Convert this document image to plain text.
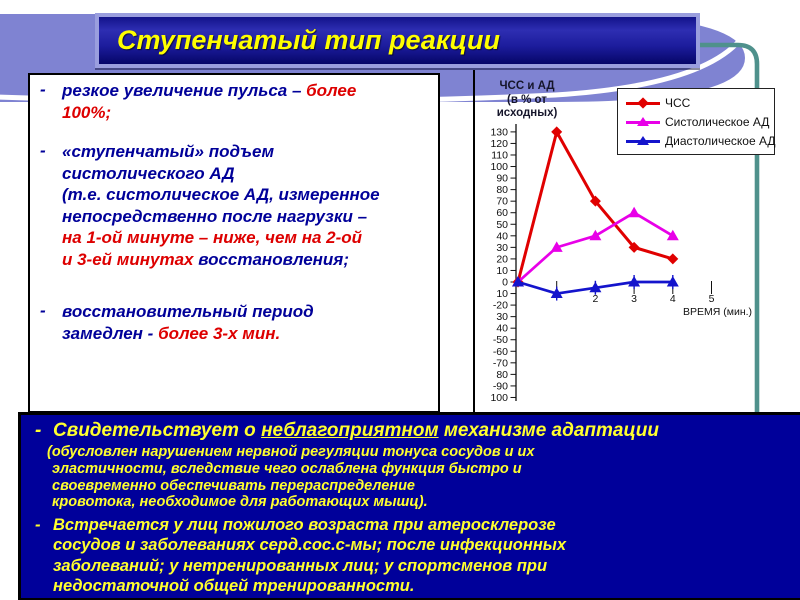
Ступенчатый тип реакции
- резкое увеличение пульса – более
100%;
- «ступенчатый» подъем
систолического АД
(т.е. систолическое АД, измеренное
непосредственно после нагрузки –
на 1-ой минуте – ниже, чем на 2-ой
и 3-ей минутах восстановления;
- восстановительный период
замедлен - более 3-х мин.
ЧСС и АД
(в % от
исходных)
130
120
110
100
90
80
70
60
50
40
30
20
10
0
10
-20
30
40
-50
-60
-70
80
-90
100
2	3	4	5
ВРЕМЯ (мин.)
ЧСС
Систолическое АД
Диастолическое АД
- Свидетельствует о неблагоприятном механизме адаптации
(обусловлен нарушением нервной регуляции тонуса сосудов и их
эластичности, вследствие чего ослаблена функция быстро и
своевременно обеспечивать перераспределение
кровотока, необходимое для работающих мышц).
- Встречается у лиц пожилого возраста при атеросклерозе
сосудов и заболеваниях серд.сос.с-мы; после инфекционных
заболеваний; у нетренированных лиц; у спортсменов при
недостаточной общей тренированности.
